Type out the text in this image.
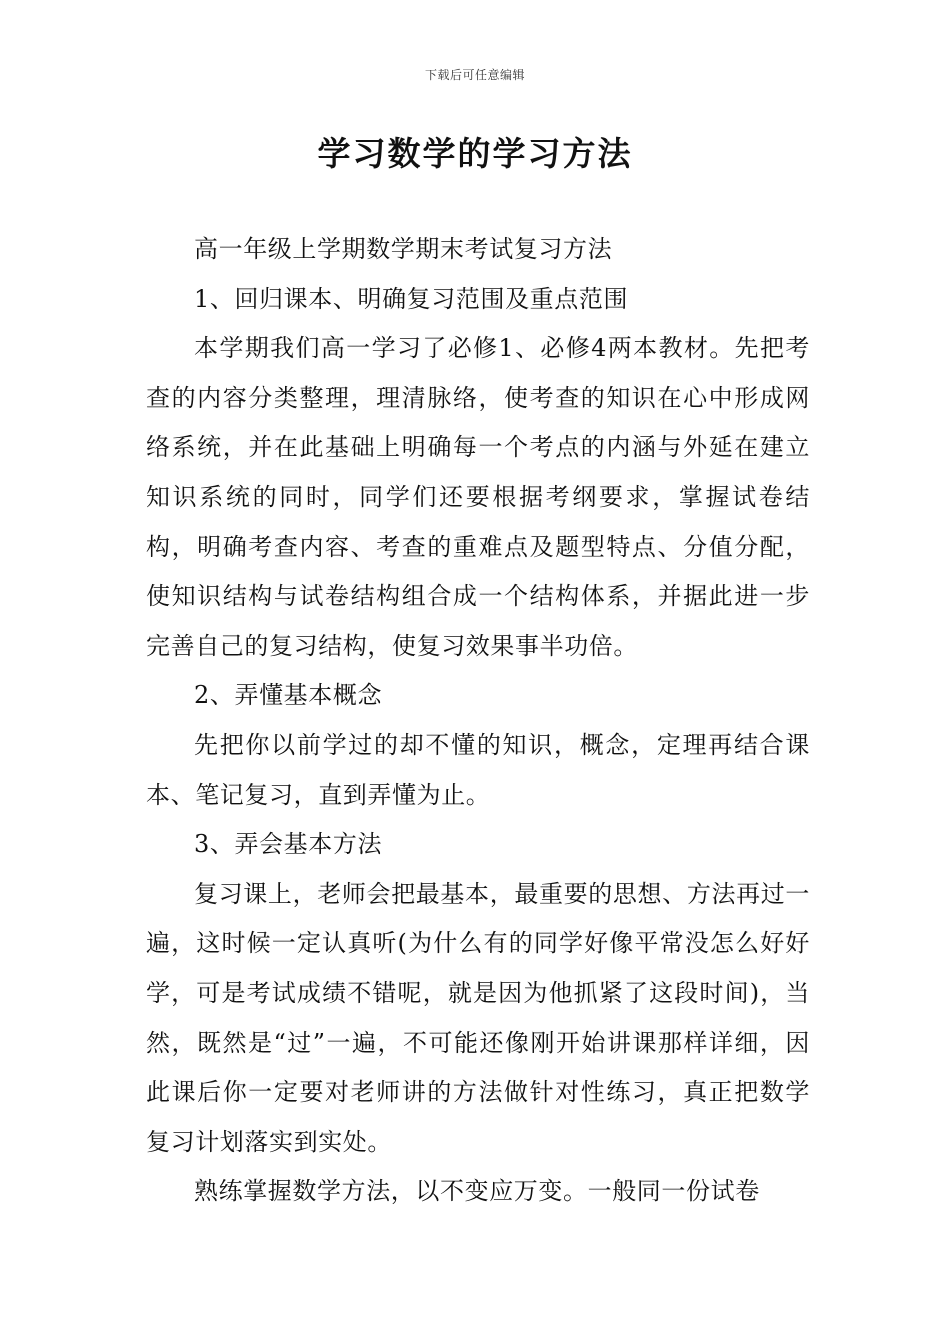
下载后可任意编辑
学习数学的学习方法

高一年级上学期数学期末考试复习方法

1、回归课本、明确复习范围及重点范围

本学期我们高一学习了必修1、必修4两本教材。先把考查的内容分类整理，理清脉络，使考查的知识在心中形成网络系统，并在此基础上明确每一个考点的内涵与外延在建立知识系统的同时，同学们还要根据考纲要求，掌握试卷结构，明确考查内容、考查的重难点及题型特点、分值分配，使知识结构与试卷结构组合成一个结构体系，并据此进一步完善自己的复习结构，使复习效果事半功倍。

2、弄懂基本概念

先把你以前学过的却不懂的知识，概念，定理再结合课本、笔记复习，直到弄懂为止。

3、弄会基本方法

复习课上，老师会把最基本，最重要的思想、方法再过一遍，这时候一定认真听(为什么有的同学好像平常没怎么好好学，可是考试成绩不错呢，就是因为他抓紧了这段时间)，当然，既然是“过”一遍，不可能还像刚开始讲课那样详细，因此课后你一定要对老师讲的方法做针对性练习，真正把数学复习计划落实到实处。

熟练掌握数学方法，以不变应万变。一般同一份试卷
